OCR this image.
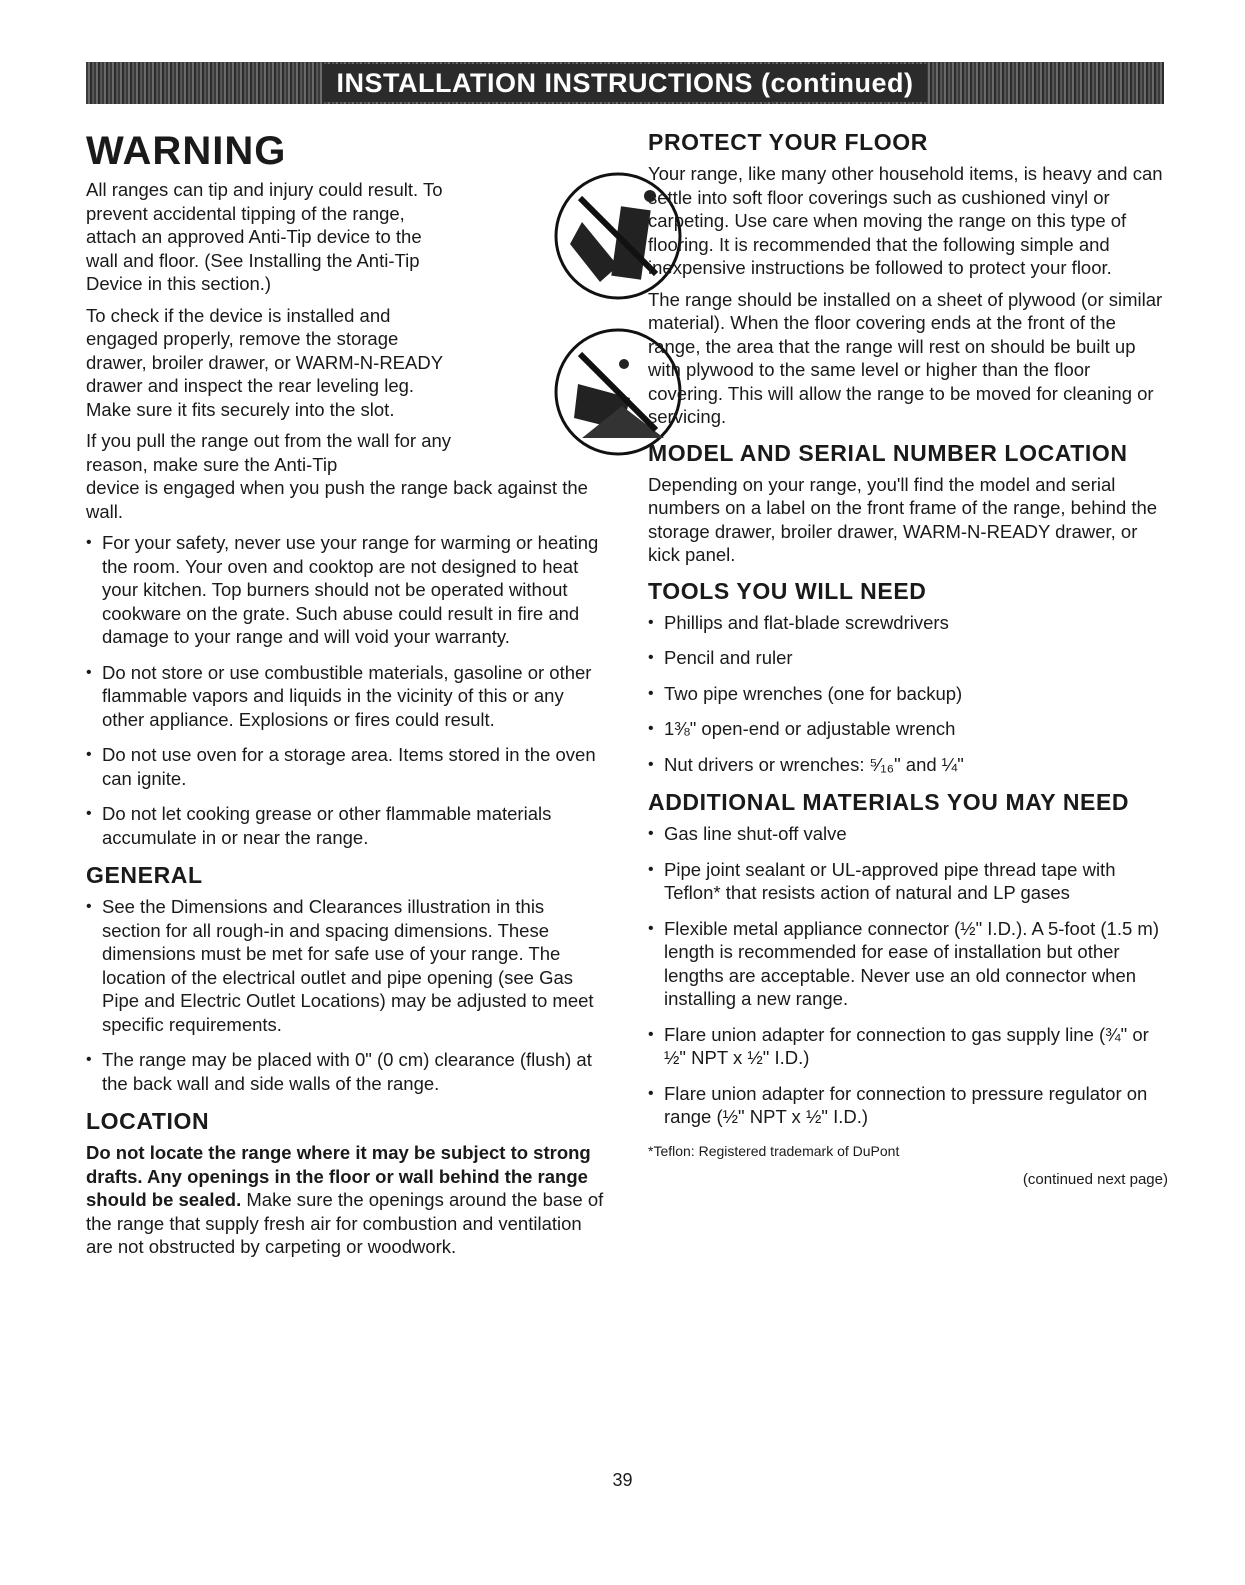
INSTALLATION INSTRUCTIONS (continued)
WARNING

All ranges can tip and injury could result. To prevent accidental tipping of the range, attach an approved Anti-Tip device to the wall and floor. (See Installing the Anti-Tip Device in this section.)

To check if the device is installed and engaged properly, remove the storage drawer, broiler drawer, or WARM-N-READY drawer and inspect the rear leveling leg. Make sure it fits securely into the slot.

If you pull the range out from the wall for any reason, make sure the Anti-Tip
device is engaged when you push the range back against the wall.

• For your safety, never use your range for warming or heating the room. Your oven and cooktop are not designed to heat your kitchen. Top burners should not be operated without cookware on the grate. Such abuse could result in fire and damage to your range and will void your warranty.
• Do not store or use combustible materials, gasoline or other flammable vapors and liquids in the vicinity of this or any other appliance. Explosions or fires could result.
• Do not use oven for a storage area. Items stored in the oven can ignite.
• Do not let cooking grease or other flammable materials accumulate in or near the range.
GENERAL
• See the Dimensions and Clearances illustration in this section for all rough-in and spacing dimensions. These dimensions must be met for safe use of your range. The location of the electrical outlet and pipe opening (see Gas Pipe and Electric Outlet Locations) may be adjusted to meet specific requirements.
• The range may be placed with 0" (0 cm) clearance (flush) at the back wall and side walls of the range.
LOCATION

Do not locate the range where it may be subject to strong drafts. Any openings in the floor or wall behind the range should be sealed. Make sure the openings around the base of the range that supply fresh air for combustion and ventilation are not obstructed by carpeting or woodwork.

PROTECT YOUR FLOOR

Your range, like many other household items, is heavy and can settle into soft floor coverings such as cushioned vinyl or carpeting. Use care when moving the range on this type of flooring. It is recommended that the following simple and inexpensive instructions be followed to protect your floor.

The range should be installed on a sheet of plywood (or similar material). When the floor covering ends at the front of the range, the area that the range will rest on should be built up with plywood to the same level or higher than the floor covering. This will allow the range to be moved for cleaning or servicing.

MODEL AND SERIAL NUMBER LOCATION

Depending on your range, you'll find the model and serial numbers on a label on the front frame of the range, behind the storage drawer, broiler drawer, WARM-N-READY drawer, or kick panel.

TOOLS YOU WILL NEED
• Phillips and flat-blade screwdrivers
• Pencil and ruler
• Two pipe wrenches (one for backup)
• 1⅜" open-end or adjustable wrench
• Nut drivers or wrenches: ⁵⁄₁₆" and ¼"
ADDITIONAL MATERIALS YOU MAY NEED
• Gas line shut-off valve
• Pipe joint sealant or UL-approved pipe thread tape with Teflon* that resists action of natural and LP gases
• Flexible metal appliance connector (½" I.D.). A 5-foot (1.5 m) length is recommended for ease of installation but other lengths are acceptable. Never use an old connector when installing a new range.
• Flare union adapter for connection to gas supply line (¾" or ½" NPT x ½" I.D.)
• Flare union adapter for connection to pressure regulator on range (½" NPT x ½" I.D.)
*Teflon: Registered trademark of DuPont
(continued next page)
39
